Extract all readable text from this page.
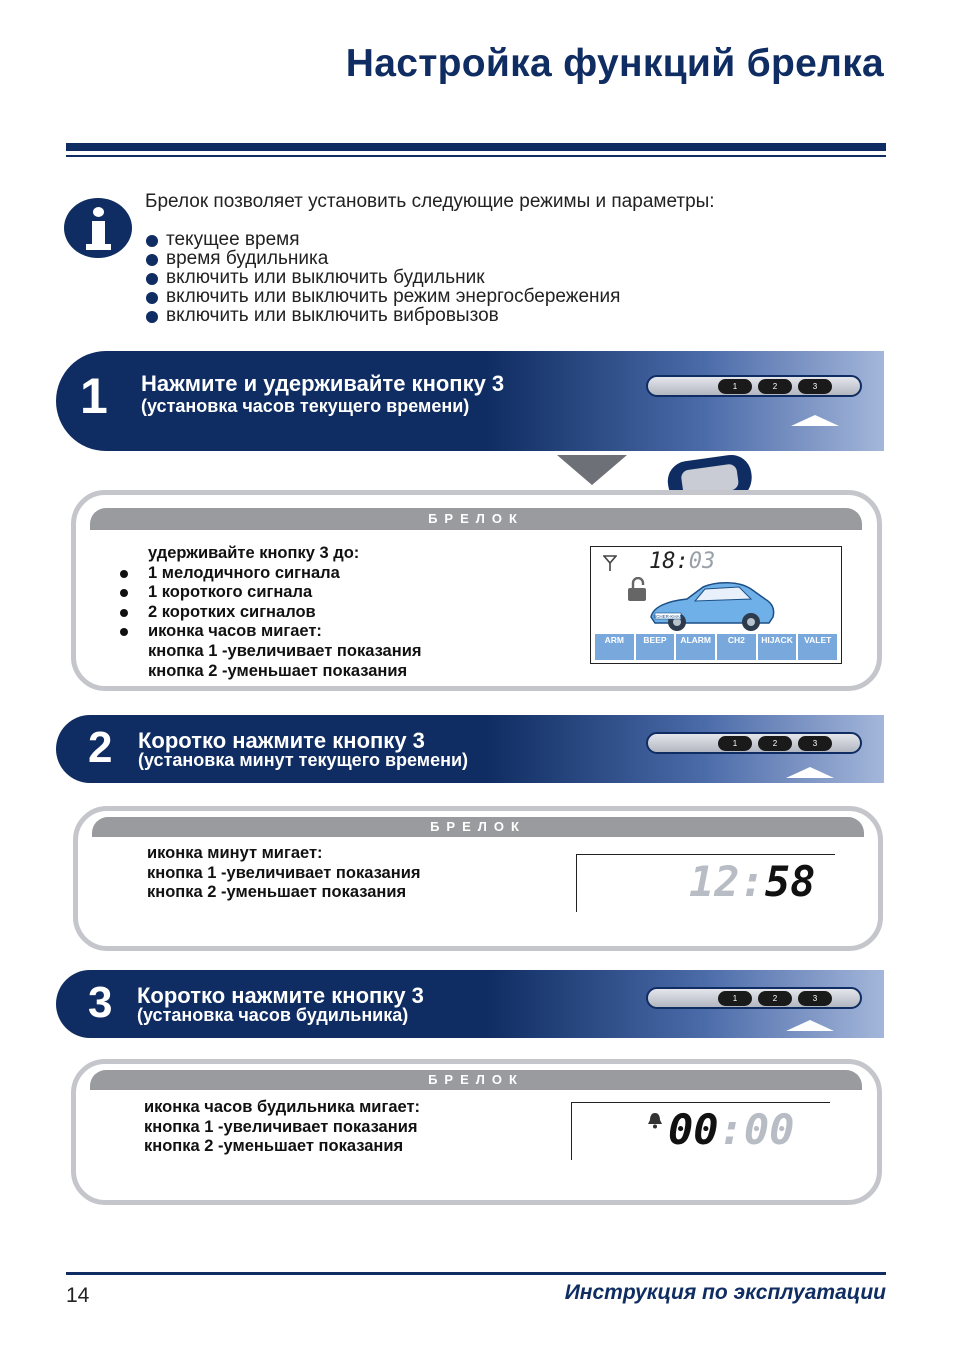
Настройка функций брелка
Брелок позволяет установить следующие режимы и параметры:
текущее время
время будильника
включить или выключить будильник
включить или выключить режим энергосбережения
включить или выключить вибровызов
1 Нажмите и удерживайте кнопку 3
(установка часов текущего времени)
1	2	3
БРЕЛОК
удерживайте кнопку 3 до:
1 мелодичного сигнала
1 короткого сигнала
2 коротких сигналов
иконка часов мигает:
кнопка 1 -увеличивает показания
кнопка 2 -уменьшает показания
18:03
SCHER-KHAN
ARM	BEEP	ALARM	CH2	HIJACK	VALET
2 Коротко нажмите кнопку 3
(установка минут текущего времени)
1	2	3
БРЕЛОК
иконка минут мигает:
кнопка 1 -увеличивает показания
кнопка 2 -уменьшает показания	12:58
3 Коротко нажмите кнопку 3
(установка часов будильника)
1	2	3
БРЕЛОК
иконка часов будильника мигает:
кнопка 1 -увеличивает показания
кнопка 2 -уменьшает показания	00:00
14	Инструкция по эксплуатации
